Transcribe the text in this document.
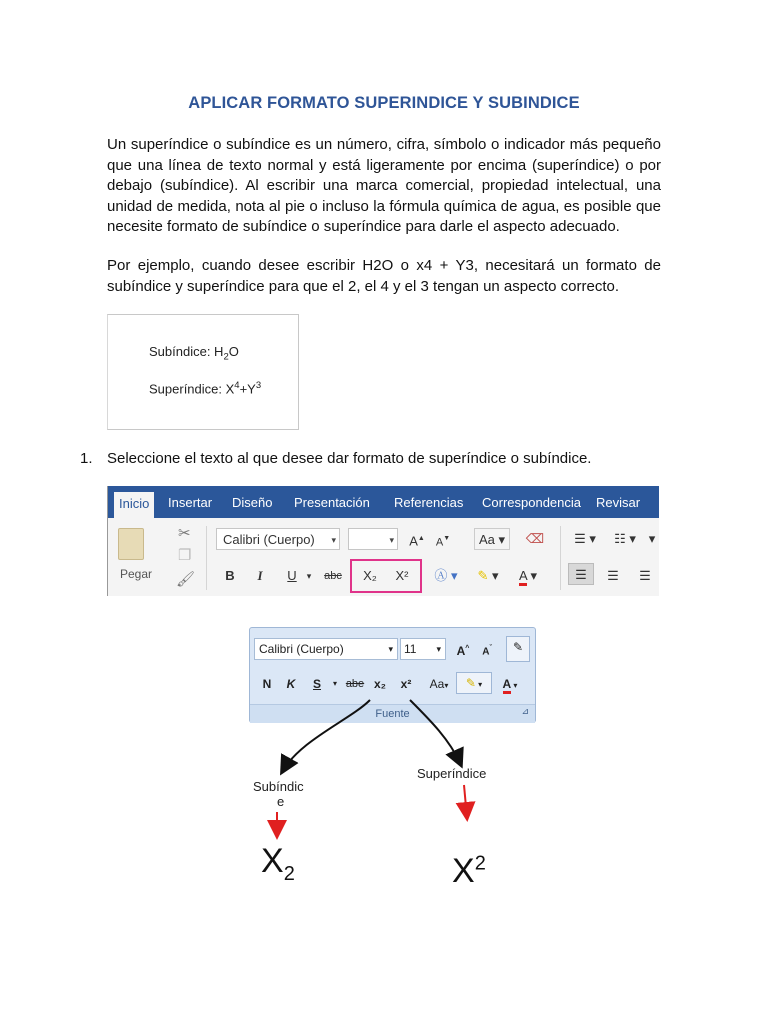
APLICAR FORMATO SUPERINDICE Y SUBINDICE
Un superíndice o subíndice es un número, cifra, símbolo o indicador más pequeño que una línea de texto normal y está ligeramente por encima (superíndice) o por debajo (subíndice). Al escribir una marca comercial, propiedad intelectual, una unidad de medida, nota al pie o incluso la fórmula química de agua, es posible que necesite formato de subíndice o superíndice para darle el aspecto adecuado.
Por ejemplo, cuando desee escribir H2O o x4 + Y3, necesitará un formato de subíndice y superíndice para que el 2, el 4 y el 3 tengan un aspecto correcto.
Subíndice: $H_2O$
Superíndice: $X^4+Y^3$
1. Seleccione el texto al que desee dar formato de superíndice o subíndice.
Inicio	Insertar Diseño Presentación Referencias Correspondencia Revisar
Pegar
✂
❐
🖌
Calibri (Cuerpo) ▾	▾ A▲	A▼	Aa ▾	⌫	☰ ▾	☷ ▾ ▾
B	I	U	▾	abc	X₂	X²	Ⓐ ▾	✎ ▾	A ▾	☰	☰	☰
Calibri (Cuerpo)	▾ 11 ▾	A^	$A^ˇ$	✎
N	K	S	▾ abe x₂	x²	Aa▾	✎ ▾	A ▾
Fuente	⊿
Subíndic
e
Superíndice
$X_2$	$X^2$
